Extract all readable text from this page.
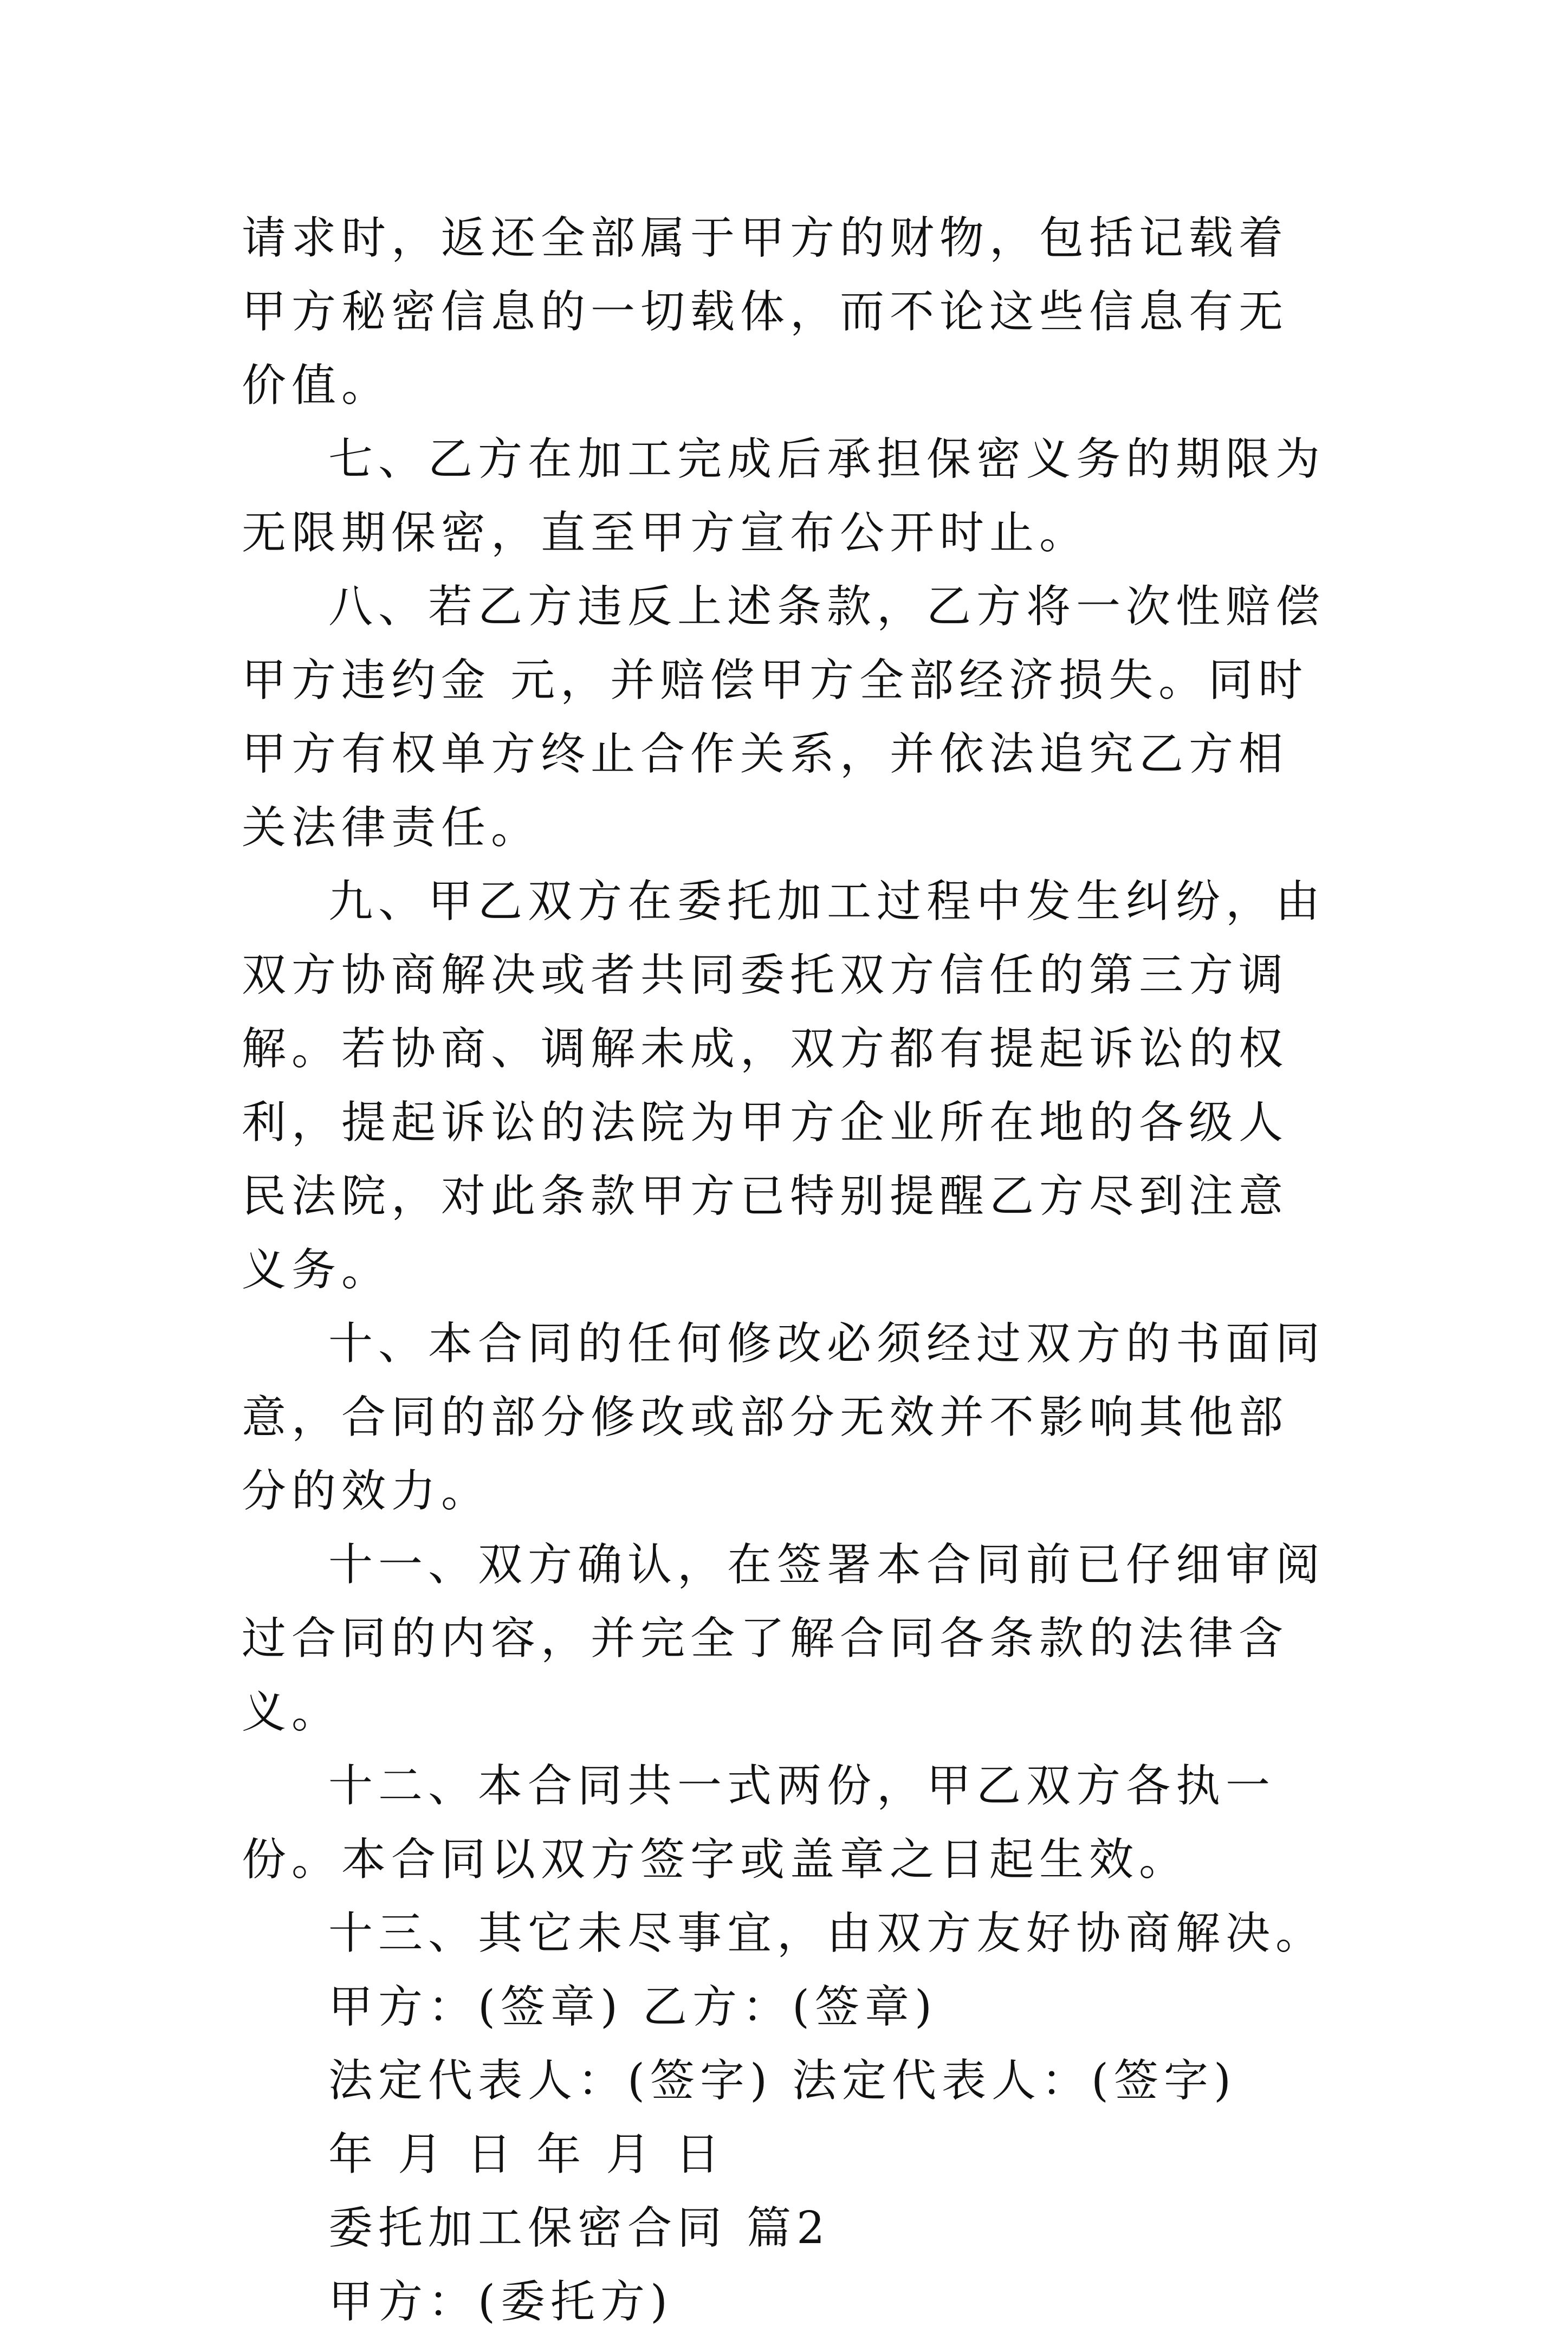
请求时，返还全部属于甲方的财物，包括记载着甲方秘密信息的一切载体，而不论这些信息有无价值。

七、乙方在加工完成后承担保密义务的期限为无限期保密，直至甲方宣布公开时止。

八、若乙方违反上述条款，乙方将一次性赔偿甲方违约金 元，并赔偿甲方全部经济损失。同时甲方有权单方终止合作关系，并依法追究乙方相关法律责任。

九、甲乙双方在委托加工过程中发生纠纷，由双方协商解决或者共同委托双方信任的第三方调解。若协商、调解未成，双方都有提起诉讼的权利，提起诉讼的法院为甲方企业所在地的各级人民法院，对此条款甲方已特别提醒乙方尽到注意义务。

十、本合同的任何修改必须经过双方的书面同意，合同的部分修改或部分无效并不影响其他部分的效力。

十一、双方确认，在签署本合同前已仔细审阅过合同的内容，并完全了解合同各条款的法律含义。

十二、本合同共一式两份，甲乙双方各执一份。本合同以双方签字或盖章之日起生效。

十三、其它未尽事宜，由双方友好协商解决。

甲方：(签章) 乙方：(签章)

法定代表人：(签字) 法定代表人：(签字)

年 月 日 年 月 日

委托加工保密合同 篇2

甲方：(委托方)
